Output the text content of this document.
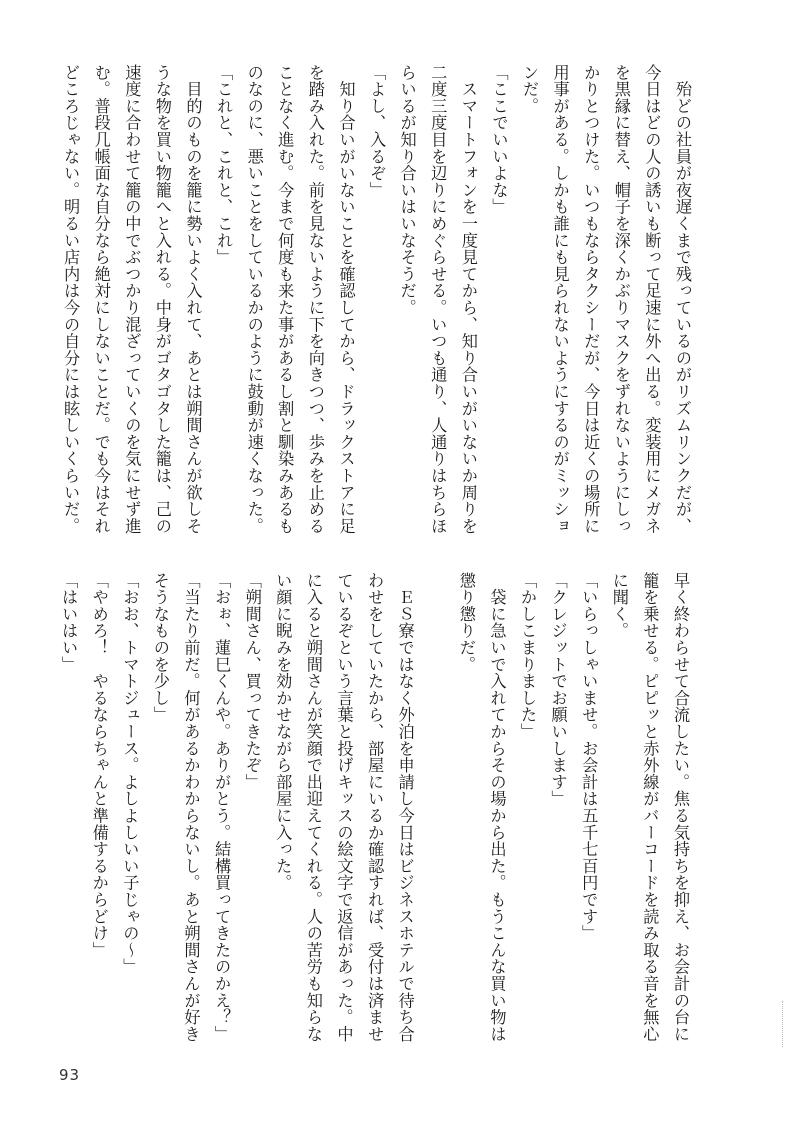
　殆どの社員が夜遅くまで残っているのがリズムリンクだが、
今日はどの人の誘いも断って足速に外へ出る。変装用にメガネ
を黒縁に替え、帽子を深くかぶりマスクをずれないようにしっ
かりとつけた。いつもならタクシーだが、今日は近くの場所に
用事がある。しかも誰にも見られないようにするのがミッショ
ンだ。
「ここでいいよな」
　スマートフォンを一度見てから、知り合いがいないか周りを
二度三度目を辺りにめぐらせる。いつも通り、人通りはちらほ
らいるが知り合いはいなそうだ。
「よし、入るぞ」
　知り合いがいないことを確認してから、ドラックストアに足
を踏み入れた。前を見ないように下を向きつつ、歩みを止める
ことなく進む。今まで何度も来た事があるし割と馴染みあるも
のなのに、悪いことをしているかのように鼓動が速くなった。
「これと、これと、これ」
　目的のものを籠に勢いよく入れて、あとは朔間さんが欲しそ
うな物を買い物籠へと入れる。中身がゴタゴタした籠は、己の
速度に合わせて籠の中でぶつかり混ざっていくのを気にせず進
む。普段几帳面な自分なら絶対にしないことだ。でも今はそれ
どころじゃない。明るい店内は今の自分には眩しいくらいだ。
早く終わらせて合流したい。焦る気持ちを抑え、お会計の台に
籠を乗せる。ピピッと赤外線がバーコードを読み取る音を無心
に聞く。
「いらっしゃいませ。お会計は五千七百円です」
「クレジットでお願いします」
「かしこまりました」
　袋に急いで入れてからその場から出た。もうこんな買い物は
懲り懲りだ。

　ＥＳ寮ではなく外泊を申請し今日はビジネスホテルで待ち合
わせをしていたから、部屋にいるか確認すれば、受付は済ませ
ているぞという言葉と投げキッスの絵文字で返信があった。中
に入ると朔間さんが笑顔で出迎えてくれる。人の苦労も知らな
い顔に睨みを効かせながら部屋に入った。
「朔間さん、買ってきたぞ」
「おぉ、蓮巳くんや。ありがとう。結構買ってきたのかえ？」
「当たり前だ。何があるかわからないし。あと朔間さんが好き
そうなものを少し」
「おお、トマトジュース。よしよしいい子じゃの〜」
「やめろ！　やるならちゃんと準備するからどけ」
「はいはい」
93
